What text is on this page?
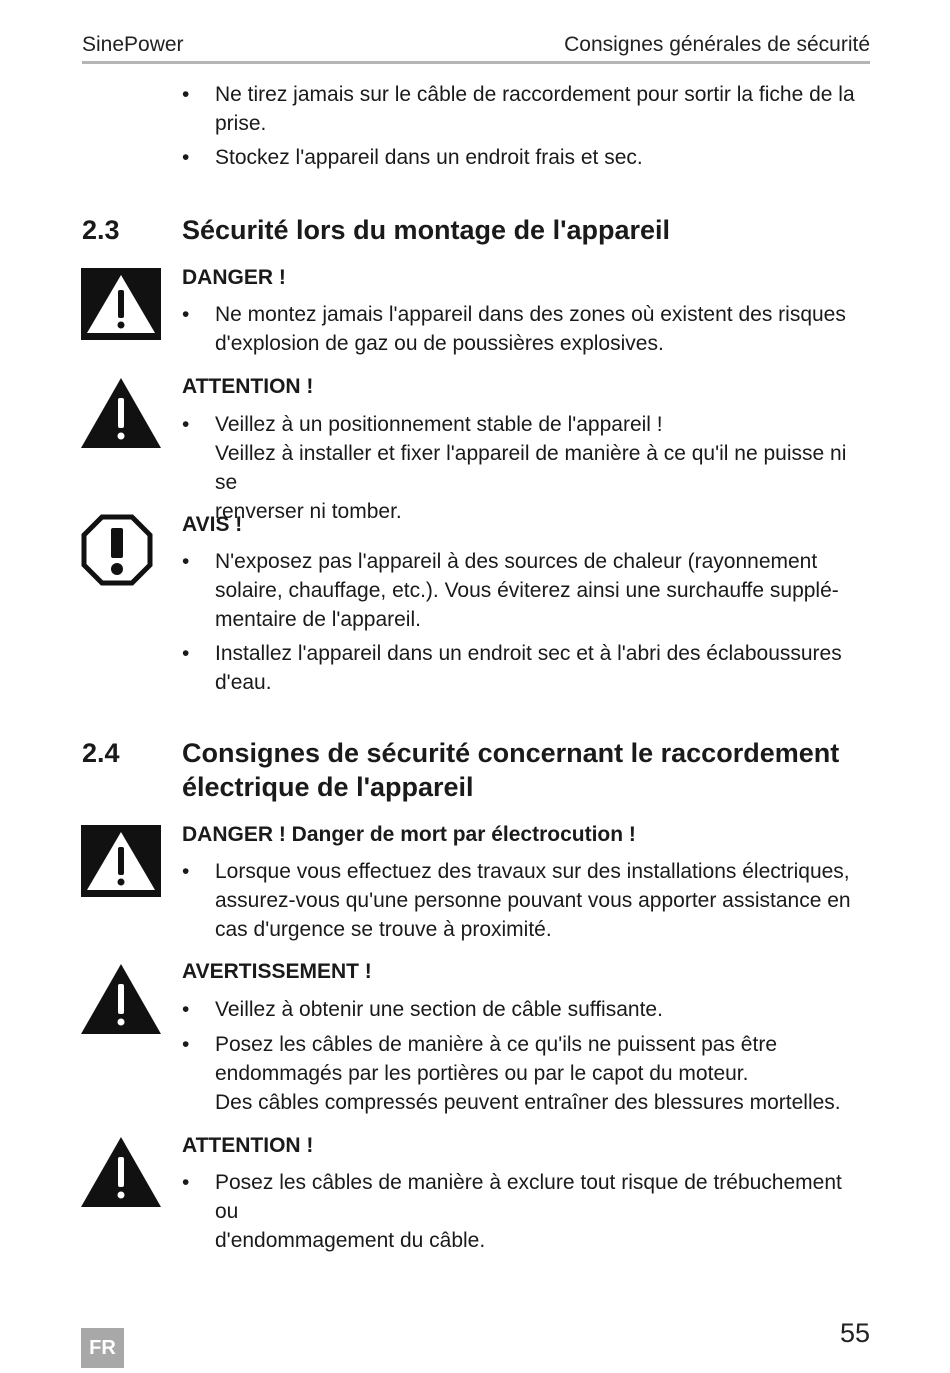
SinePower	Consignes générales de sécurité
•	Ne tirez jamais sur le câble de raccordement pour sortir la fiche de la
prise.
•	Stockez l'appareil dans un endroit frais et sec.
2.3 Sécurité lors du montage de l'appareil
DANGER !
•	Ne montez jamais l'appareil dans des zones où existent des risques
d'explosion de gaz ou de poussières explosives.
ATTENTION !
•	Veillez à un positionnement stable de l'appareil !
Veillez à installer et fixer l'appareil de manière à ce qu'il ne puisse ni se
renverser ni tomber.
AVIS !
•	N'exposez pas l'appareil à des sources de chaleur (rayonnement
solaire, chauffage, etc.). Vous éviterez ainsi une surchauffe supplé-
mentaire de l'appareil.
•	Installez l'appareil dans un endroit sec et à l'abri des éclaboussures
d'eau.
2.4 Consignes de sécurité concernant le raccordement
électrique de l'appareil
DANGER ! Danger de mort par électrocution !
•	Lorsque vous effectuez des travaux sur des installations électriques,
assurez-vous qu'une personne pouvant vous apporter assistance en
cas d'urgence se trouve à proximité.
AVERTISSEMENT !
•	Veillez à obtenir une section de câble suffisante.
•	Posez les câbles de manière à ce qu'ils ne puissent pas être
endommagés par les portières ou par le capot du moteur.
Des câbles compressés peuvent entraîner des blessures mortelles.
ATTENTION !
•	Posez les câbles de manière à exclure tout risque de trébuchement ou
d'endommagement du câble.
FR	55
